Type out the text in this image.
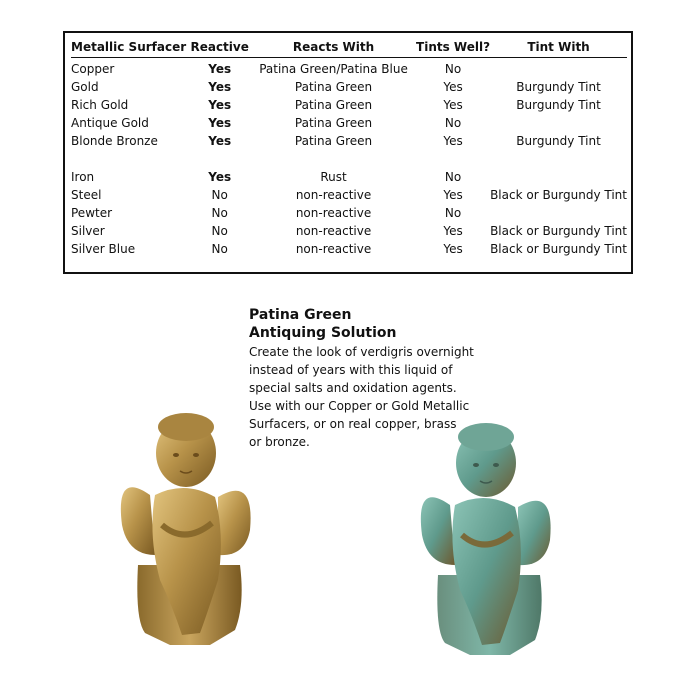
Metallic Surfacer	Reactive	Reacts With	Tints Well?	Tint With
Copper	Yes	Patina Green/Patina Blue	No	
Gold	Yes	Patina Green	Yes	Burgundy Tint
Rich Gold	Yes	Patina Green	Yes	Burgundy Tint
Antique Gold	Yes	Patina Green	No	
Blonde Bronze	Yes	Patina Green	Yes	Burgundy Tint

Iron	Yes	Rust	No	
Steel	No	non-reactive	Yes	Black or Burgundy Tint
Pewter	No	non-reactive	No	
Silver	No	non-reactive	Yes	Black or Burgundy Tint
Silver Blue	No	non-reactive	Yes	Black or Burgundy Tint
Patina Green
Antiquing Solution
Create the look of verdigris overnight
instead of years with this liquid of
special salts and oxidation agents.
Use with our Copper or Gold Metallic
Surfacers, or on real copper, brass
or bronze.
